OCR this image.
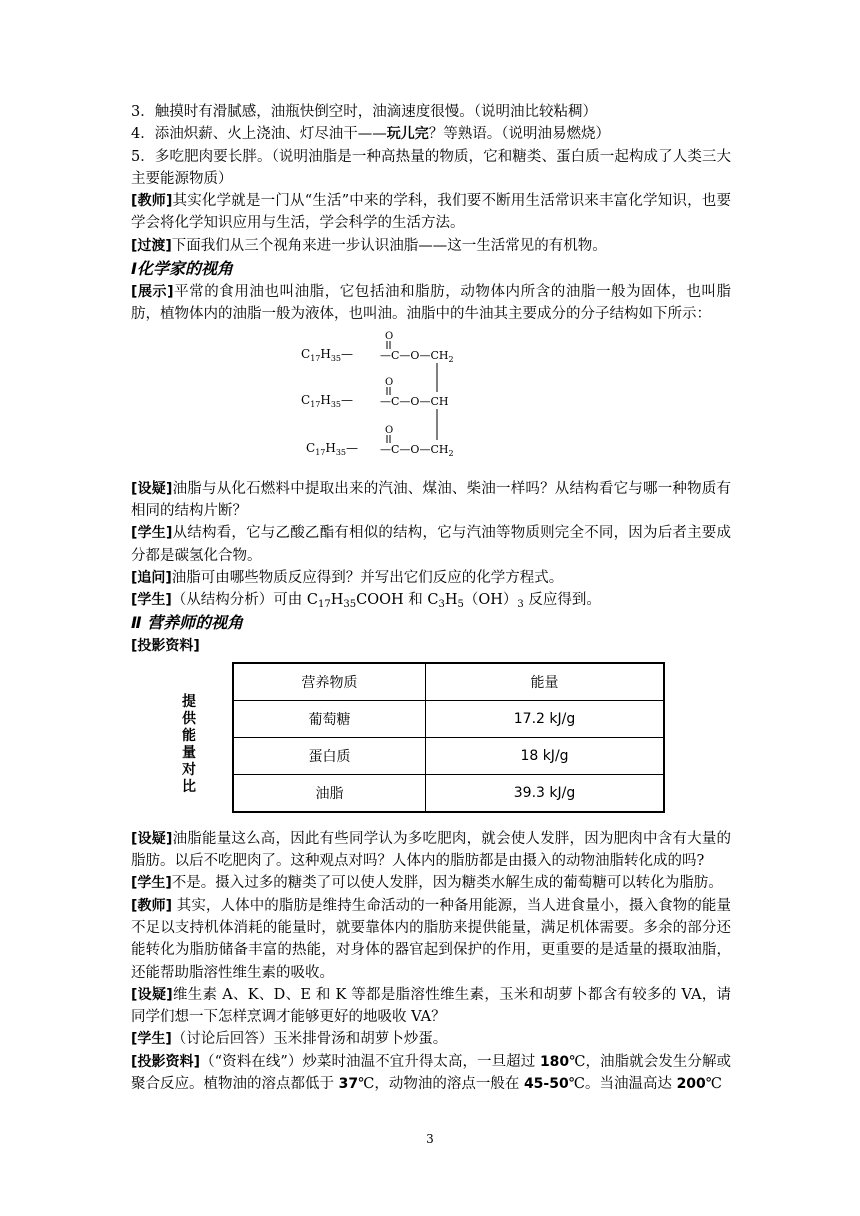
3．触摸时有滑腻感，油瓶快倒空时，油滴速度很慢。（说明油比较粘稠）

4．添油炽薪、火上浇油、灯尽油干——玩儿完？等熟语。（说明油易燃烧）

5．多吃肥肉要长胖。（说明油脂是一种高热量的物质，它和糖类、蛋白质一起构成了人类三大主要能源物质）

[教师]其实化学就是一门从“生活”中来的学科，我们要不断用生活常识来丰富化学知识，也要学会将化学知识应用与生活，学会科学的生活方法。

[过渡]下面我们从三个视角来进一步认识油脂——这一生活常见的有机物。

Ⅰ化学家的视角

[展示]平常的食用油也叫油脂，它包括油和脂肪，动物体内所含的油脂一般为固体，也叫脂肪，植物体内的油脂一般为液体，也叫油。油脂中的牛油其主要成分的分子结构如下所示：

$C_{17}H_{35}—$
O
$—C—O—CH_2$
$C_{17}H_{35}—$
O
—C—O—CH
$C_{17}H_{35}—$
O
$—C—O—CH_2$

[设疑]油脂与从化石燃料中提取出来的汽油、煤油、柴油一样吗？从结构看它与哪一种物质有相同的结构片断？

[学生]从结构看，它与乙酸乙酯有相似的结构，它与汽油等物质则完全不同，因为后者主要成分都是碳氢化合物。

[追问]油脂可由哪些物质反应得到？并写出它们反应的化学方程式。

[学生]（从结构分析）可由 $C_{17}H_{35}COOH$ 和 $C_3H_5(OH)_3$ 反应得到。

Ⅱ 营养师的视角

[投影资料]

提
供
能
量
对
比
营养物质	能量
葡萄糖	17.2 kJ/g
蛋白质	18 kJ/g
油脂	39.3 kJ/g

[设疑]油脂能量这么高，因此有些同学认为多吃肥肉，就会使人发胖，因为肥肉中含有大量的脂肪。以后不吃肥肉了。这种观点对吗？人体内的脂肪都是由摄入的动物油脂转化成的吗?

[学生]不是。摄入过多的糖类了可以使人发胖，因为糖类水解生成的葡萄糖可以转化为脂肪。

[教师] 其实，人体中的脂肪是维持生命活动的一种备用能源，当人进食量小，摄入食物的能量不足以支持机体消耗的能量时，就要靠体内的脂肪来提供能量，满足机体需要。多余的部分还能转化为脂肪储备丰富的热能，对身体的器官起到保护的作用，更重要的是适量的摄取油脂，还能帮助脂溶性维生素的吸收。

[设疑]维生素 A、K、D、E 和 K 等都是脂溶性维生素，玉米和胡萝卜都含有较多的 VA，请同学们想一下怎样烹调才能够更好的地吸收 VA？

[学生]（讨论后回答）玉米排骨汤和胡萝卜炒蛋。

[投影资料]（“资料在线”）炒菜时油温不宜升得太高，一旦超过 180℃，油脂就会发生分解或聚合反应。植物油的溶点都低于 37℃，动物油的溶点一般在 45-50℃。当油温高达 200℃

3
